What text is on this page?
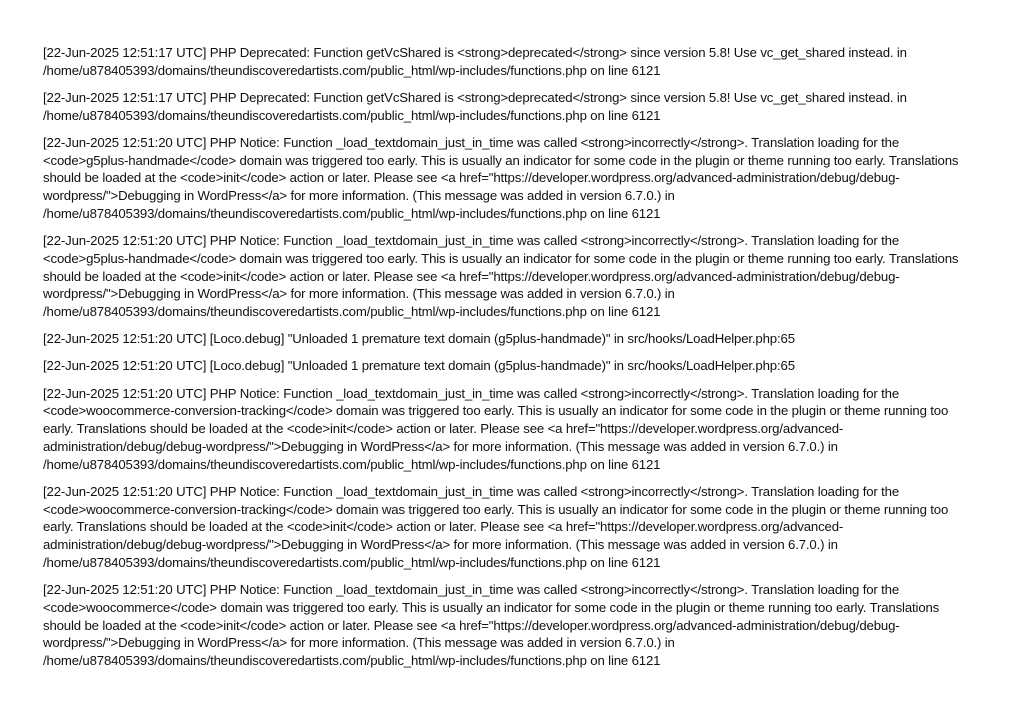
[22-Jun-2025 12:51:17 UTC] PHP Deprecated: Function getVcShared is <strong>deprecated</strong> since version 5.8! Use vc_get_shared instead. in
/home/u878405393/domains/theundiscoveredartists.com/public_html/wp-includes/functions.php on line 6121
[22-Jun-2025 12:51:17 UTC] PHP Deprecated: Function getVcShared is <strong>deprecated</strong> since version 5.8! Use vc_get_shared instead. in
/home/u878405393/domains/theundiscoveredartists.com/public_html/wp-includes/functions.php on line 6121
[22-Jun-2025 12:51:20 UTC] PHP Notice: Function _load_textdomain_just_in_time was called <strong>incorrectly</strong>. Translation loading for the
<code>g5plus-handmade</code> domain was triggered too early. This is usually an indicator for some code in the plugin or theme running too early. Translations
should be loaded at the <code>init</code> action or later. Please see <a href="https://developer.wordpress.org/advanced-administration/debug/debug-
wordpress/">Debugging in WordPress</a> for more information. (This message was added in version 6.7.0.) in
/home/u878405393/domains/theundiscoveredartists.com/public_html/wp-includes/functions.php on line 6121
[22-Jun-2025 12:51:20 UTC] PHP Notice: Function _load_textdomain_just_in_time was called <strong>incorrectly</strong>. Translation loading for the
<code>g5plus-handmade</code> domain was triggered too early. This is usually an indicator for some code in the plugin or theme running too early. Translations
should be loaded at the <code>init</code> action or later. Please see <a href="https://developer.wordpress.org/advanced-administration/debug/debug-
wordpress/">Debugging in WordPress</a> for more information. (This message was added in version 6.7.0.) in
/home/u878405393/domains/theundiscoveredartists.com/public_html/wp-includes/functions.php on line 6121
[22-Jun-2025 12:51:20 UTC] [Loco.debug] "Unloaded 1 premature text domain (g5plus-handmade)" in src/hooks/LoadHelper.php:65
[22-Jun-2025 12:51:20 UTC] [Loco.debug] "Unloaded 1 premature text domain (g5plus-handmade)" in src/hooks/LoadHelper.php:65
[22-Jun-2025 12:51:20 UTC] PHP Notice: Function _load_textdomain_just_in_time was called <strong>incorrectly</strong>. Translation loading for the
<code>woocommerce-conversion-tracking</code> domain was triggered too early. This is usually an indicator for some code in the plugin or theme running too
early. Translations should be loaded at the <code>init</code> action or later. Please see <a href="https://developer.wordpress.org/advanced-
administration/debug/debug-wordpress/">Debugging in WordPress</a> for more information. (This message was added in version 6.7.0.) in
/home/u878405393/domains/theundiscoveredartists.com/public_html/wp-includes/functions.php on line 6121
[22-Jun-2025 12:51:20 UTC] PHP Notice: Function _load_textdomain_just_in_time was called <strong>incorrectly</strong>. Translation loading for the
<code>woocommerce-conversion-tracking</code> domain was triggered too early. This is usually an indicator for some code in the plugin or theme running too
early. Translations should be loaded at the <code>init</code> action or later. Please see <a href="https://developer.wordpress.org/advanced-
administration/debug/debug-wordpress/">Debugging in WordPress</a> for more information. (This message was added in version 6.7.0.) in
/home/u878405393/domains/theundiscoveredartists.com/public_html/wp-includes/functions.php on line 6121
[22-Jun-2025 12:51:20 UTC] PHP Notice: Function _load_textdomain_just_in_time was called <strong>incorrectly</strong>. Translation loading for the
<code>woocommerce</code> domain was triggered too early. This is usually an indicator for some code in the plugin or theme running too early. Translations
should be loaded at the <code>init</code> action or later. Please see <a href="https://developer.wordpress.org/advanced-administration/debug/debug-
wordpress/">Debugging in WordPress</a> for more information. (This message was added in version 6.7.0.) in
/home/u878405393/domains/theundiscoveredartists.com/public_html/wp-includes/functions.php on line 6121
